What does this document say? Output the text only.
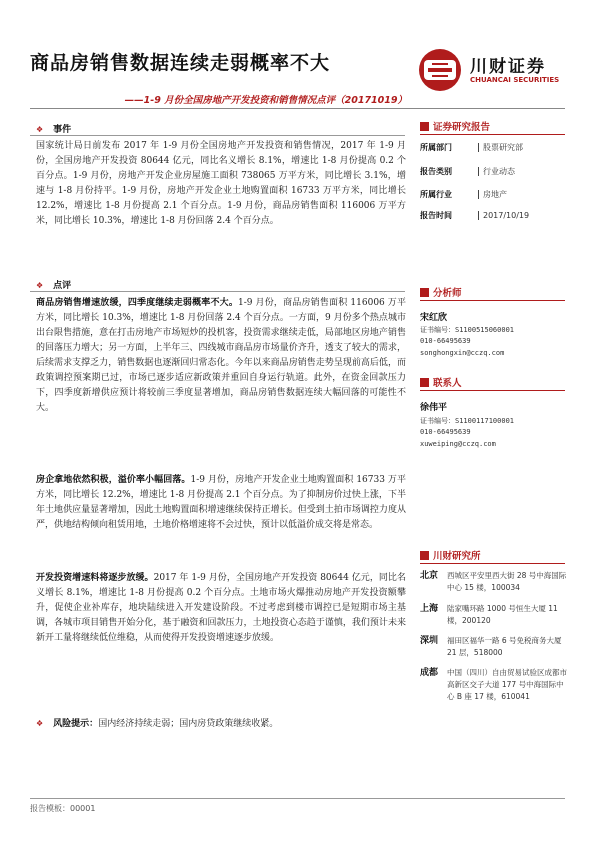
商品房销售数据连续走弱概率不大
——1-9 月份全国房地产开发投资和销售情况点评（20171019）
川财证券
CHUANCAI SECURITIES
❖ 事件
国家统计局日前发布 2017 年 1-9 月份全国房地产开发投资和销售情况，2017 年 1-9 月份，全国房地产开发投资 80644 亿元，同比名义增长 8.1%，增速比 1-8 月份提高 0.2 个百分点。1-9 月份，房地产开发企业房屋施工面积 738065 万平方米，同比增长 3.1%，增速与 1-8 月份持平。1-9 月份，房地产开发企业土地购置面积 16733 万平方米，同比增长 12.2%，增速比 1-8 月份提高 2.1 个百分点。1-9 月份，商品房销售面积 116006 万平方米，同比增长 10.3%，增速比 1-8 月份回落 2.4 个百分点。
❖ 点评
商品房销售增速放缓，四季度继续走弱概率不大。1-9 月份，商品房销售面积 116006 万平方米，同比增长 10.3%，增速比 1-8 月份回落 2.4 个百分点。一方面，9 月份多个热点城市出台限售措施，意在打击房地产市场短炒的投机客，投资需求继续走低，局部地区房地产销售的回落压力增大；另一方面，上半年三、四线城市商品房市场量价齐升，透支了较大的需求，后续需求支撑乏力，销售数据也逐渐回归常态化。今年以来商品房销售走势呈现前高后低，而政策调控预案期已过，市场已逐步适应新政策并重回自身运行轨道。此外，在资金回款压力下，四季度新增供应预计将较前三季度显著增加，商品房销售数据连续大幅回落的可能性不大。
房企拿地依然积极，溢价率小幅回落。1-9 月份，房地产开发企业土地购置面积 16733 万平方米，同比增长 12.2%，增速比 1-8 月份提高 2.1 个百分点。为了抑制房价过快上涨，下半年土地供应量显著增加，因此土地购置面积增速继续保持正增长。但受到土拍市场调控力度从严，供地结构倾向租赁用地，土地价格增速将不会过快，预计以低溢价成交将是常态。
开发投资增速料将逐步放缓。2017 年 1-9 月份，全国房地产开发投资 80644 亿元，同比名义增长 8.1%，增速比 1-8 月份提高 0.2 个百分点。土地市场火爆推动房地产开发投资额攀升，促使企业补库存，地块陆续进入开发建设阶段。不过考虑到楼市调控已是短期市场主基调，各城市项目销售开始分化，基于融资和回款压力，土地投资心态趋于谨慎，我们预计未来新开工量将继续低位维稳，从而使得开发投资增速逐步放缓。
❖ 风险提示：国内经济持续走弱；国内房贷政策继续收紧。
证券研究报告
所属部门	股票研究部
报告类别	行业动态
所属行业	房地产
报告时间	2017/10/19
分析师
宋红欣
证书编号：S1100515060001
010-66495639
songhongxin@cczq.com
联系人
徐伟平
证书编号：S1100117100001
010-66495639
xuweiping@cczq.com
川财研究所
北京 西城区平安里西大街 28 号中海国际中心 15 楼，100034
上海 陆家嘴环路 1000 号恒生大厦 11 楼，200120
深圳 福田区福华一路 6 号免税商务大厦 21 层，518000
成都 中国（四川）自由贸易试验区成都市高新区交子大道 177 号中海国际中心 B 座 17 楼，610041
报告模板：00001
